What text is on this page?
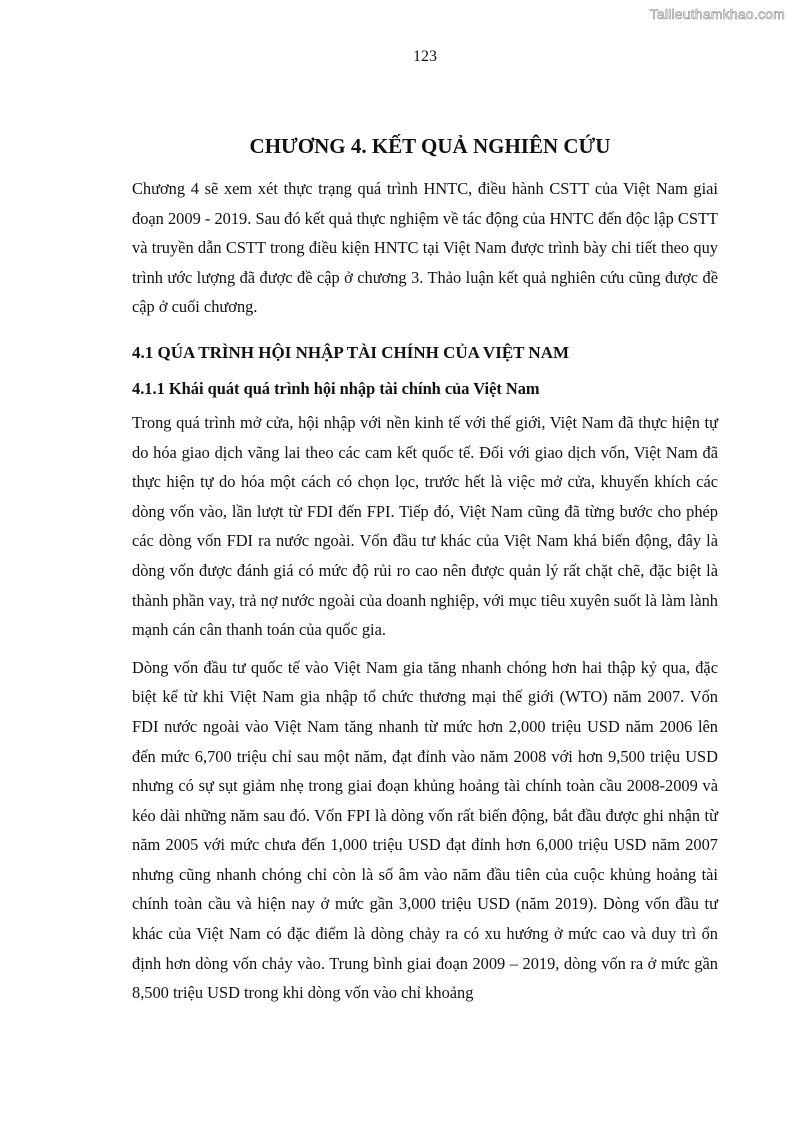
Tailieuthamkhao.com
123
CHƯƠNG 4. KẾT QUẢ NGHIÊN CỨU

Chương 4 sẽ xem xét thực trạng quá trình HNTC, điều hành CSTT của Việt Nam giai đoạn 2009 - 2019. Sau đó kết quả thực nghiệm về tác động của HNTC đến độc lập CSTT và truyền dẫn CSTT trong điều kiện HNTC tại Việt Nam được trình bày chi tiết theo quy trình ước lượng đã được đề cập ở chương 3. Thảo luận kết quả nghiên cứu cũng được đề cập ở cuối chương.

4.1 QÚA TRÌNH HỘI NHẬP TÀI CHÍNH CỦA VIỆT NAM
4.1.1 Khái quát quá trình hội nhập tài chính của Việt Nam

Trong quá trình mở cửa, hội nhập với nền kinh tế với thế giới, Việt Nam đã thực hiện tự do hóa giao dịch vãng lai theo các cam kết quốc tế. Đối với giao dịch vốn, Việt Nam đã thực hiện tự do hóa một cách có chọn lọc, trước hết là việc mở cửa, khuyến khích các dòng vốn vào, lần lượt từ FDI đến FPI. Tiếp đó, Việt Nam cũng đã từng bước cho phép các dòng vốn FDI ra nước ngoài. Vốn đầu tư khác của Việt Nam khá biến động, đây là dòng vốn được đánh giá có mức độ rủi ro cao nên được quản lý rất chặt chẽ, đặc biệt là thành phần vay, trả nợ nước ngoài của doanh nghiệp, với mục tiêu xuyên suốt là làm lành mạnh cán cân thanh toán của quốc gia.

Dòng vốn đầu tư quốc tế vào Việt Nam gia tăng nhanh chóng hơn hai thập kỷ qua, đặc biệt kể từ khi Việt Nam gia nhập tổ chức thương mại thế giới (WTO) năm 2007. Vốn FDI nước ngoài vào Việt Nam tăng nhanh từ mức hơn 2,000 triệu USD năm 2006 lên đến mức 6,700 triệu chỉ sau một năm, đạt đỉnh vào năm 2008 với hơn 9,500 triệu USD nhưng có sự sụt giảm nhẹ trong giai đoạn khủng hoảng tài chính toàn cầu 2008-2009 và kéo dài những năm sau đó. Vốn FPI là dòng vốn rất biến động, bắt đầu được ghi nhận từ năm 2005 với mức chưa đến 1,000 triệu USD đạt đỉnh hơn 6,000 triệu USD năm 2007 nhưng cũng nhanh chóng chỉ còn là số âm vào năm đầu tiên của cuộc khủng hoảng tài chính toàn cầu và hiện nay ở mức gần 3,000 triệu USD (năm 2019). Dòng vốn đầu tư khác của Việt Nam có đặc điểm là dòng chảy ra có xu hướng ở mức cao và duy trì ổn định hơn dòng vốn chảy vào. Trung bình giai đoạn 2009 – 2019, dòng vốn ra ở mức gần 8,500 triệu USD trong khi dòng vốn vào chỉ khoảng
